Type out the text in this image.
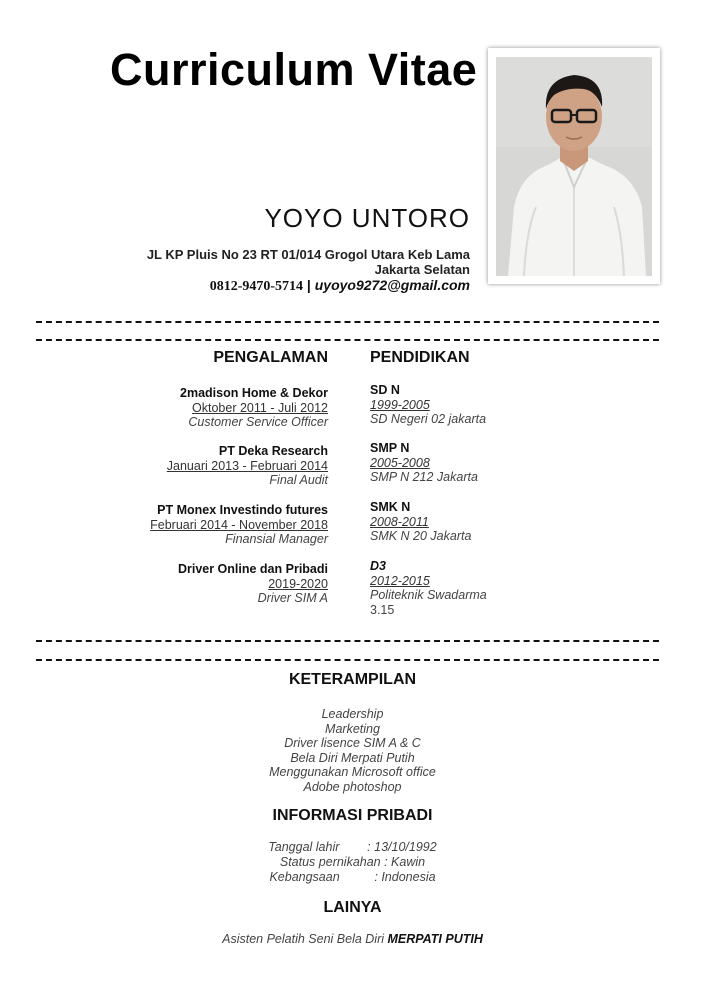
Curriculum Vitae
YOYO UNTORO
JL KP Pluis No 23 RT 01/014 Grogol Utara Keb Lama
Jakarta Selatan
0812-9470-5714 | uyoyo9272@gmail.com
PENGALAMAN
2madison Home & Dekor
Oktober 2011 - Juli 2012
Customer Service Officer
PT Deka Research
Januari 2013 - Februari 2014
Final Audit
PT Monex Investindo futures
Februari 2014 - November 2018
Finansial Manager
Driver Online dan Pribadi
2019-2020
Driver SIM A
PENDIDIKAN
SD N
1999-2005
SD Negeri 02 jakarta
SMP N
2005-2008
SMP N 212 Jakarta
SMK N
2008-2011
SMK N 20 Jakarta
D3
2012-2015
Politeknik Swadarma
3.15
KETERAMPILAN
Leadership
Marketing
Driver lisence SIM A & C
Bela Diri Merpati Putih
Menggunakan Microsoft office
Adobe photoshop
INFORMASI PRIBADI
Tanggal lahir        : 13/10/1992
Status pernikahan : Kawin
Kebangsaan          : Indonesia
LAINYA
Asisten Pelatih Seni Bela Diri MERPATI PUTIH
